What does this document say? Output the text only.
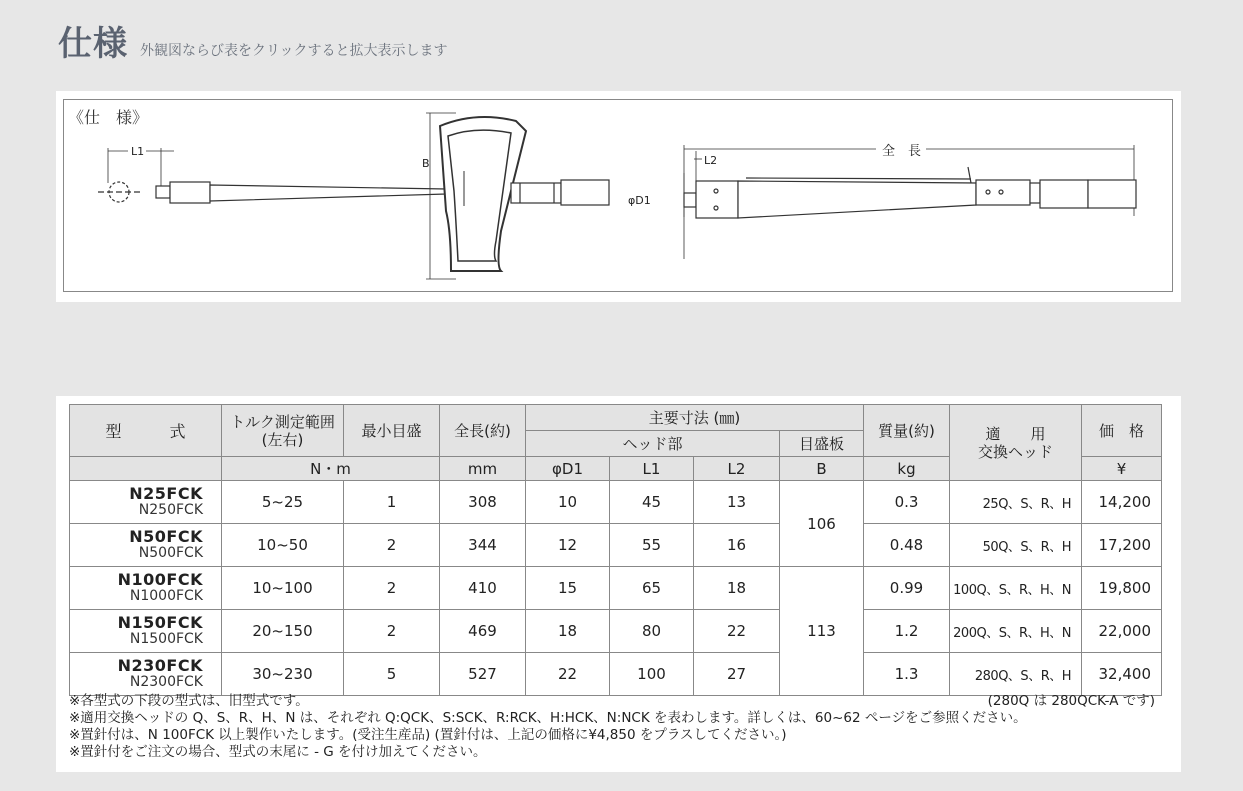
仕様 外観図ならび表をクリックすると拡大表示します
《仕　様》
L1
B	L2
全　長
φD1
型　　　式	トルク測定範囲 (左右)	最小目盛	全長(約)	主要寸法 (㎜)				質量(約)	適　　用
交換ヘッド	価　格
				ヘッド部			目盛板			
	N・m		mm	φD1	L1	L2	B	kg		¥

N25FCK
N250FCK	5~25	1	308	10	45	13	106	0.3	25Q、S、R、H	14,200

N50FCK
N500FCK	10~50	2	344	12	55	16		0.48	50Q、S、R、H	17,200

N100FCK
N1000FCK	10~100	2	410	15	65	18	113	0.99	100Q、S、R、H、N	19,800

N150FCK
N1500FCK	20~150	2	469	18	80	22		1.2	200Q、S、R、H、N	22,000

N230FCK
N2300FCK	30~230	5	527	22	100	27		1.3	280Q、S、R、H	32,400
※各型式の下段の型式は、旧型式です。
※適用交換ヘッドの Q、S、R、H、N は、それぞれ Q:QCK、S:SCK、R:RCK、H:HCK、N:NCK を表わします。詳しくは、60~62 ページをご参照ください。
※置針付は、N 100FCK 以上製作いたします。(受注生産品) (置針付は、上記の価格に¥4,850 をプラスしてください。)
※置針付をご注文の場合、型式の末尾に - G を付け加えてください。
(280Q は 280QCK-A です)
